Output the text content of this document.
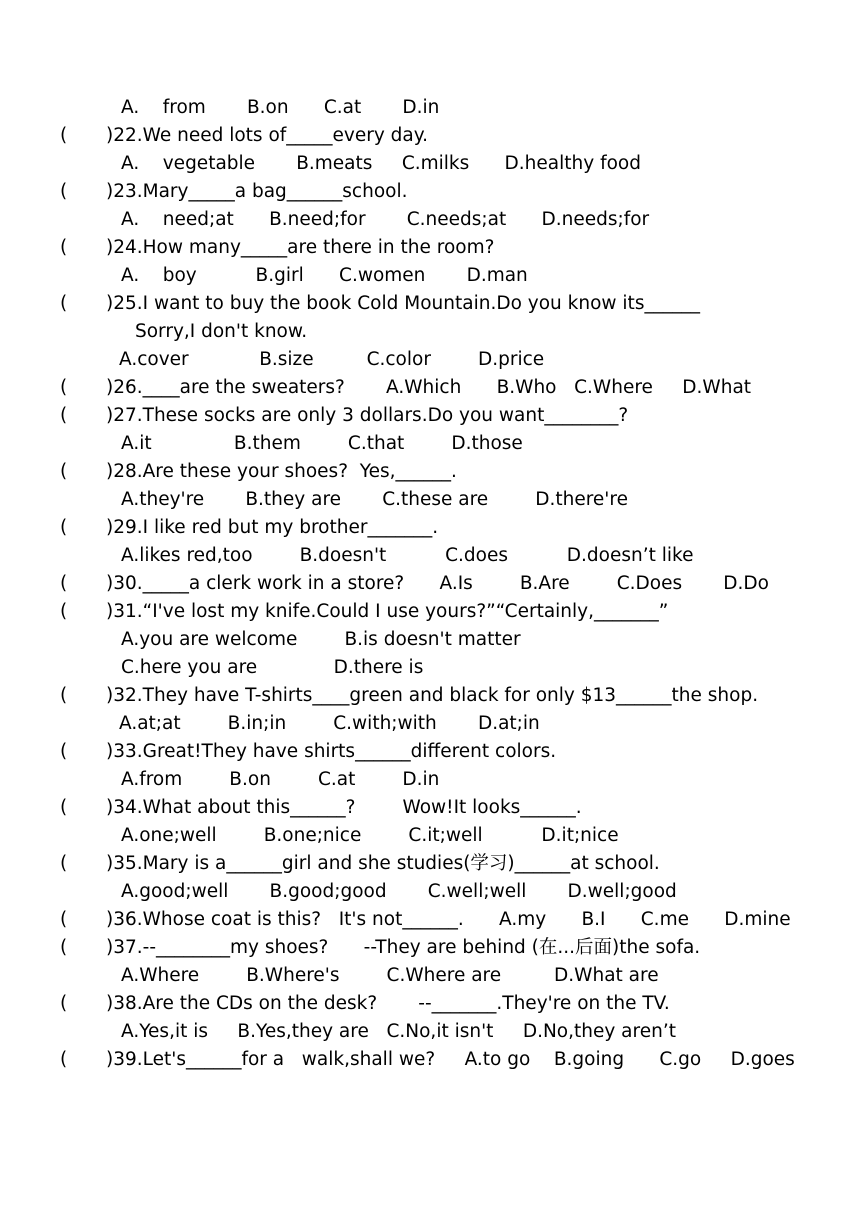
A.    from       B.on      C.at       D.in
( )22.We need lots of_____every day.
A.    vegetable       B.meats     C.milks      D.healthy food
( )23.Mary_____a bag______school.
A.    need;at      B.need;for       C.needs;at      D.needs;for
( )24.How many_____are there in the room?
A.    boy          B.girl      C.women       D.man
( )25.I want to buy the book Cold Mountain.Do you know its______
Sorry,I don't know.
A.cover            B.size         C.color        D.price
( )26.____are the sweaters?       A.Which      B.Who   C.Where     D.What
( )27.These socks are only 3 dollars.Do you want________?
A.it              B.them        C.that        D.those
( )28.Are these your shoes?  Yes,______.
A.they're       B.they are       C.these are        D.there're
( )29.I like red but my brother_______.
A.likes red,too        B.doesn't          C.does          D.doesn’t like
( )30._____a clerk work in a store?      A.Is        B.Are        C.Does       D.Do
( )31.“I've lost my knife.Could I use yours?”“Certainly,_______”
A.you are welcome        B.is doesn't matter
C.here you are             D.there is
( )32.They have T-shirts____green and black for only $13______the shop.
A.at;at        B.in;in        C.with;with       D.at;in
( )33.Great!They have shirts______different colors.
A.from        B.on        C.at        D.in
( )34.What about this______?        Wow!It looks______.
A.one;well        B.one;nice        C.it;well          D.it;nice
( )35.Mary is a______girl and she studies(学习)______at school.
A.good;well       B.good;good       C.well;well       D.well;good
( )36.Whose coat is this?   It's not______.      A.my      B.I      C.me      D.mine
( )37.--________my shoes?      --They are behind (在...后面)the sofa.
A.Where        B.Where's        C.Where are         D.What are
( )38.Are the CDs on the desk?       --_______.They're on the TV.
A.Yes,it is     B.Yes,they are   C.No,it isn't     D.No,they aren’t
( )39.Let's______for a   walk,shall we?     A.to go    B.going      C.go     D.goes
